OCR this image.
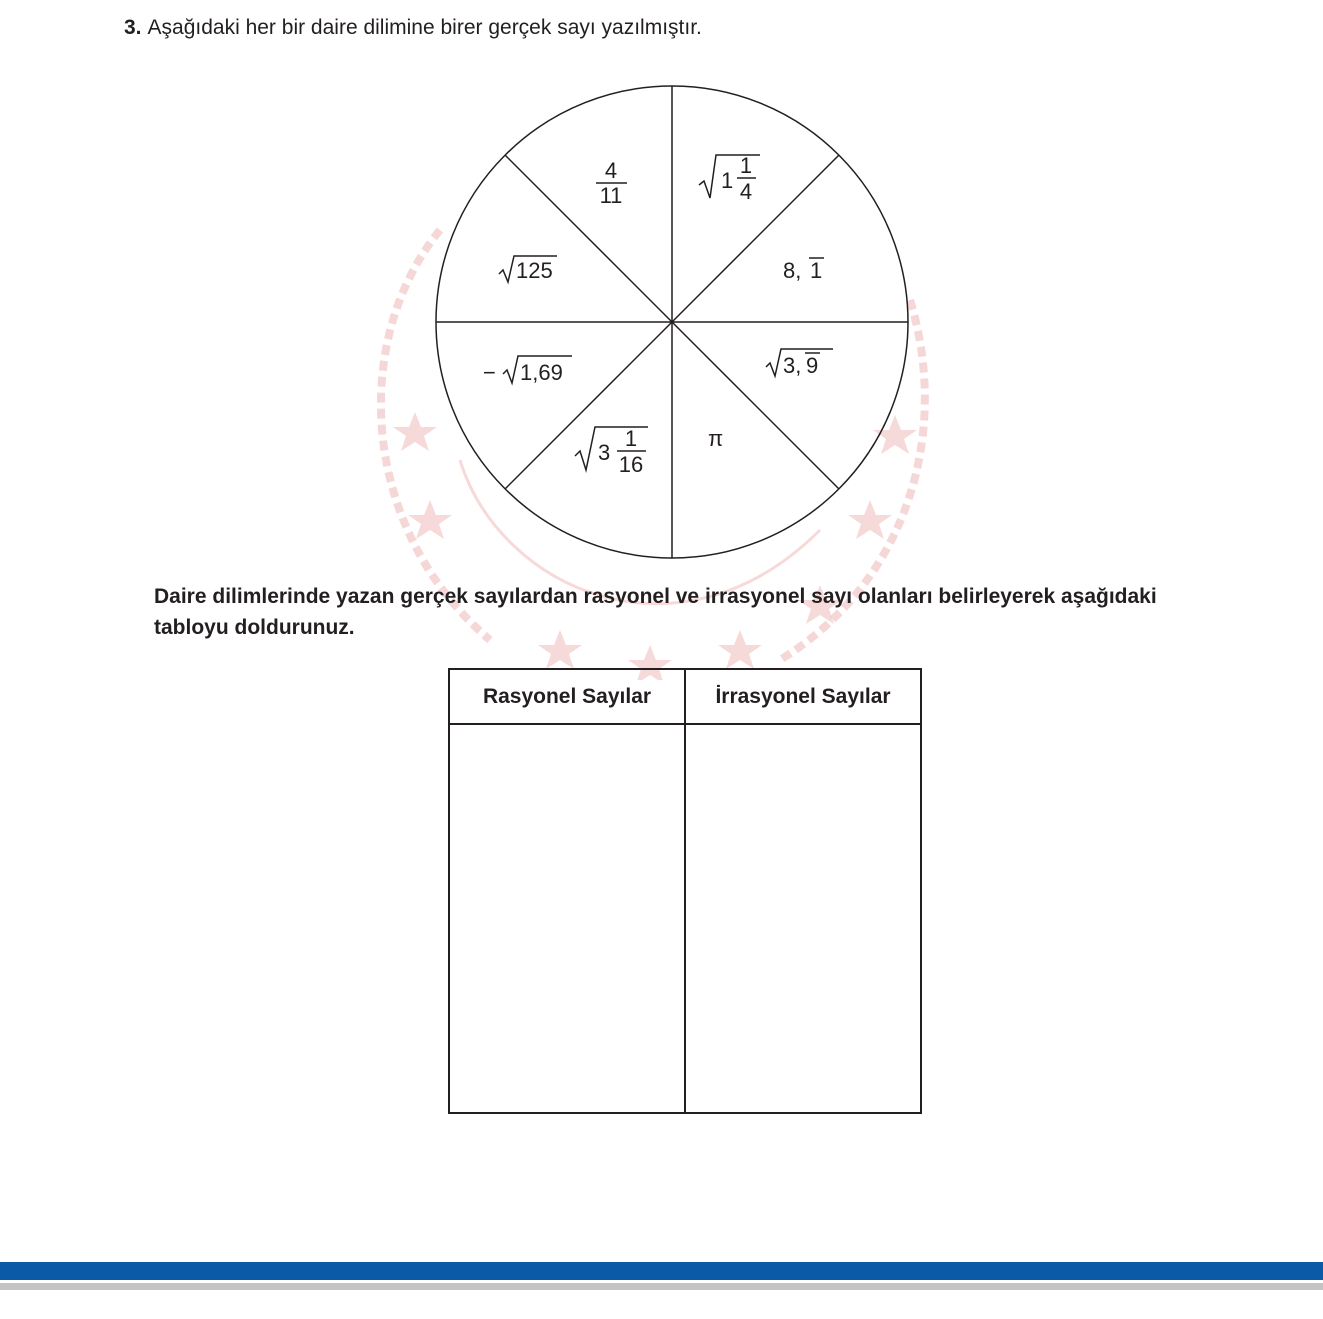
3. Aşağıdaki her bir daire dilimine birer gerçek sayı yazılmıştır.
4
11
1
1
4
8, 1
3, 9
π
3
1
16
− 1,69
125
Daire dilimlerinde yazan gerçek sayılardan rasyonel ve irrasyonel sayı olanları belirleyerek aşağıdaki tabloyu doldurunuz.
Rasyonel Sayılar	İrrasyonel Sayılar
